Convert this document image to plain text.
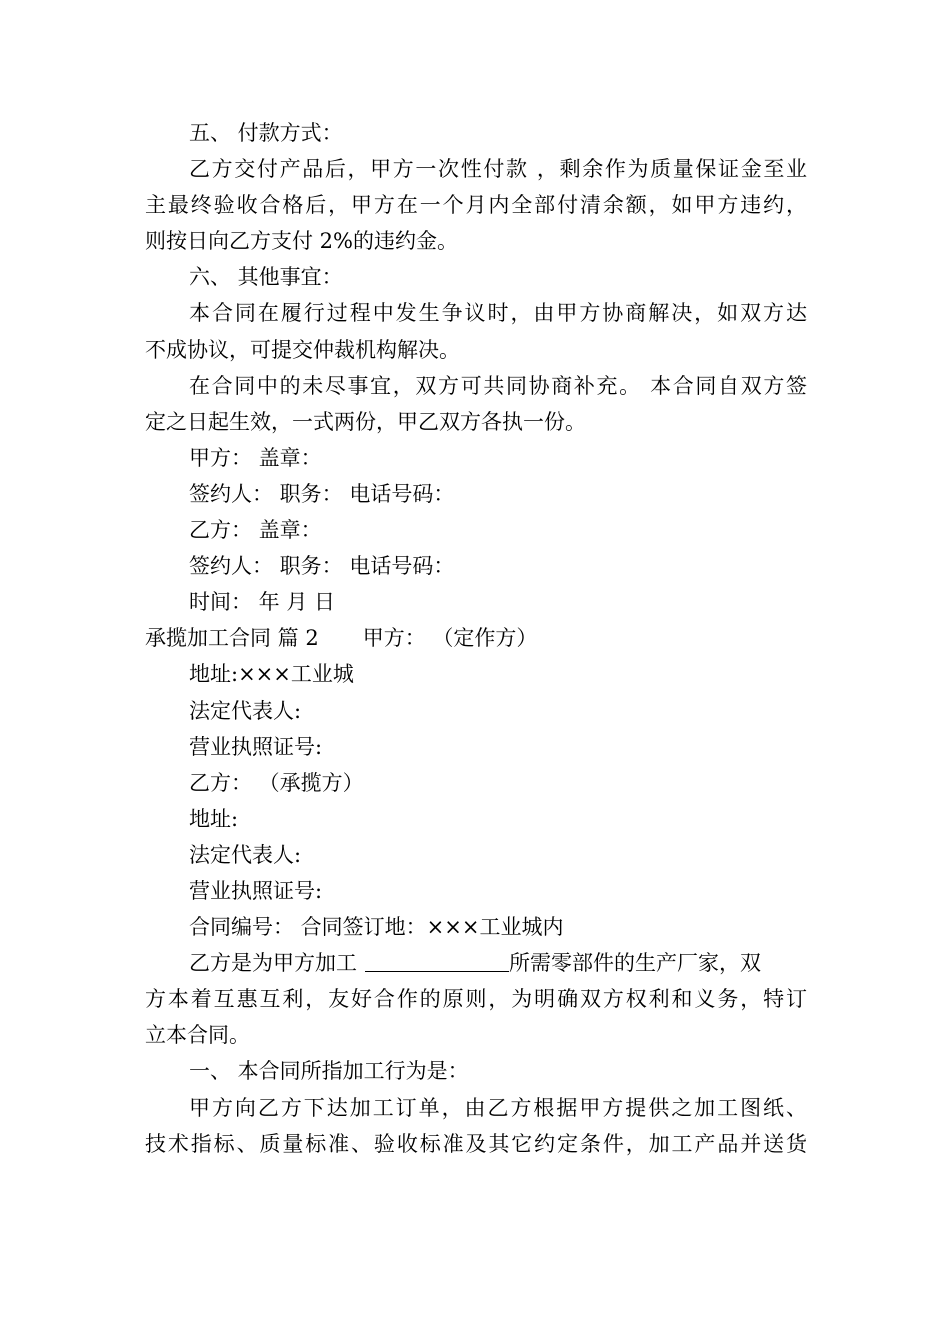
五、 付款方式：
乙方交付产品后，甲方一次性付款 ，剩余作为质量保证金至业
主最终验收合格后，甲方在一个月内全部付清余额，如甲方违约，
则按日向乙方支付 2%的违约金。
六、 其他事宜：
本合同在履行过程中发生争议时，由甲方协商解决，如双方达
不成协议，可提交仲裁机构解决。
在合同中的未尽事宜，双方可共同协商补充。 本合同自双方签
定之日起生效，一式两份，甲乙双方各执一份。
甲方： 盖章：
签约人： 职务： 电话号码：
乙方： 盖章：
签约人： 职务： 电话号码：
时间： 年 月 日
承揽加工合同 篇 2 甲方： （定作方）
地址:×××工业城
法定代表人:
营业执照证号:
乙方： （承揽方）
地址:
法定代表人:
营业执照证号:
合同编号： 合同签订地：×××工业城内
乙方是为甲方加工	所需零部件的生产厂家，双
方本着互惠互利，友好合作的原则，为明确双方权利和义务，特订
立本合同。
一、 本合同所指加工行为是：
甲方向乙方下达加工订单，由乙方根据甲方提供之加工图纸、
技术指标、质量标准、验收标准及其它约定条件，加工产品并送货
